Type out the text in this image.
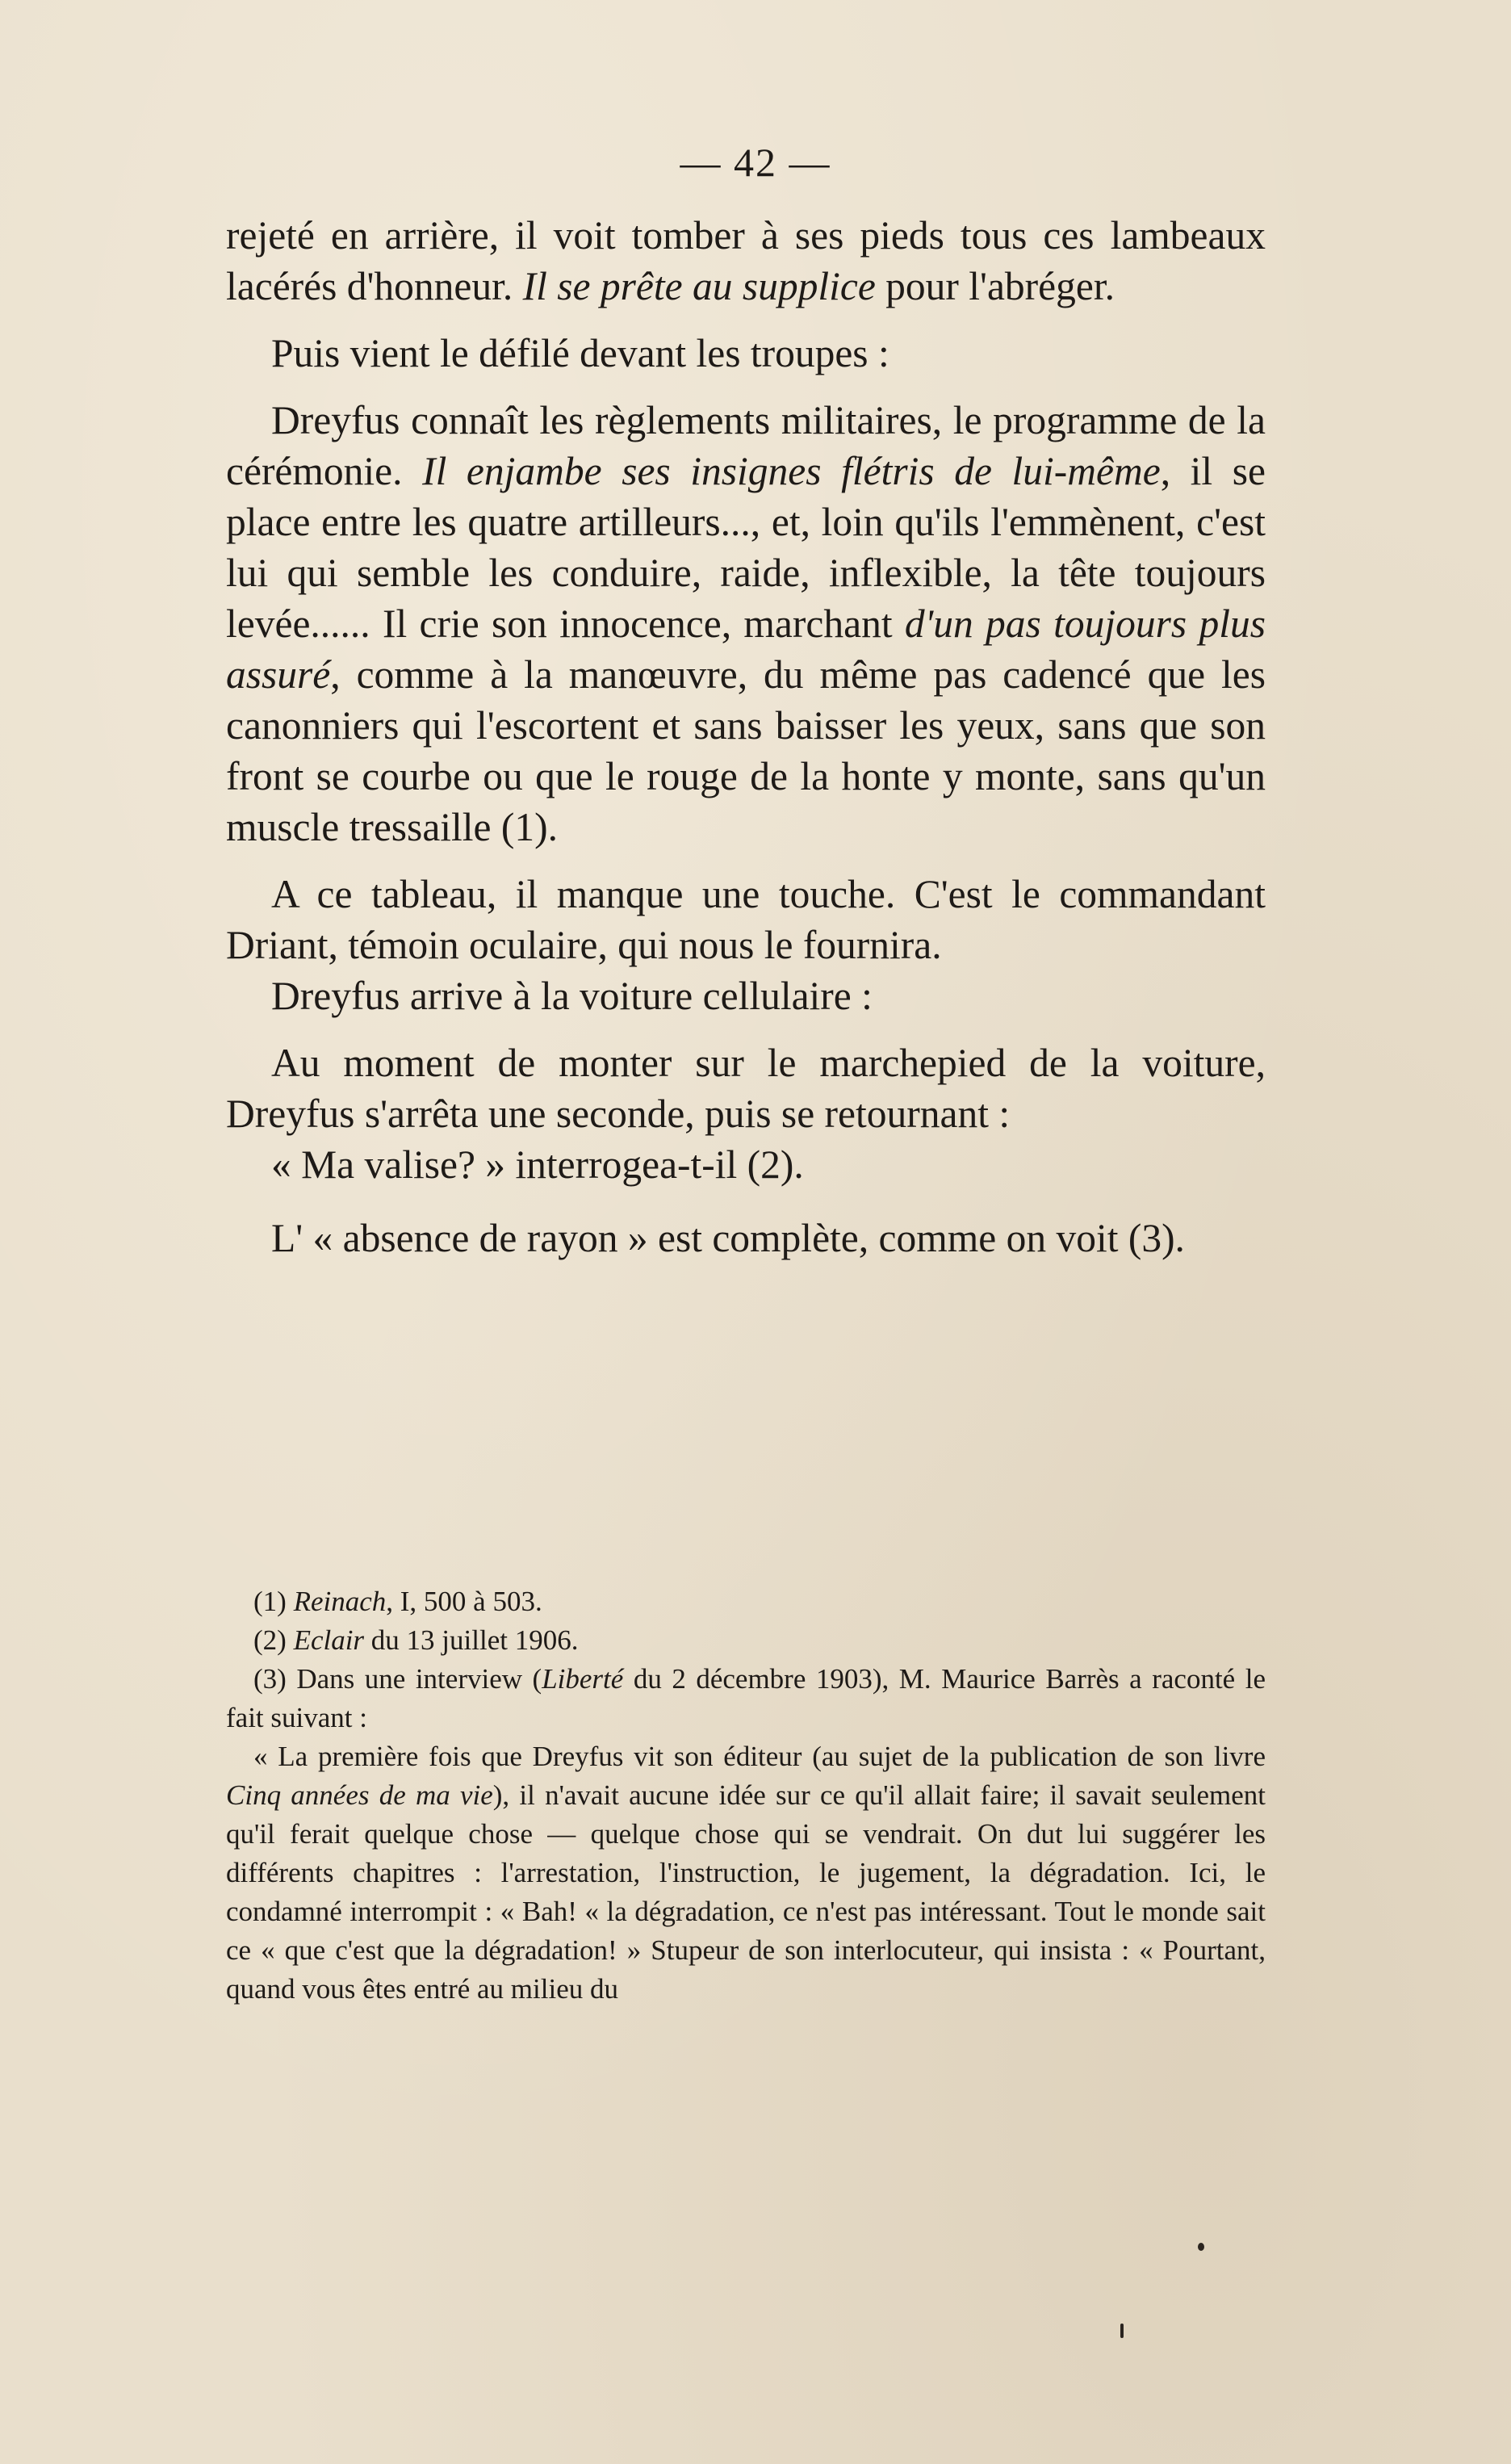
— 42 —

rejeté en arrière, il voit tomber à ses pieds tous ces lambeaux lacérés d'honneur. Il se prête au supplice pour l'abréger.

Puis vient le défilé devant les troupes :

Dreyfus connaît les règlements militaires, le programme de la cérémonie. Il enjambe ses insignes flétris de lui-même, il se place entre les quatre artilleurs..., et, loin qu'ils l'emmènent, c'est lui qui semble les conduire, raide, inflexible, la tête toujours levée...... Il crie son innocence, marchant d'un pas toujours plus assuré, comme à la manœuvre, du même pas cadencé que les canonniers qui l'escortent et sans baisser les yeux, sans que son front se courbe ou que le rouge de la honte y monte, sans qu'un muscle tressaille (1).

A ce tableau, il manque une touche. C'est le commandant Driant, témoin oculaire, qui nous le fournira.

Dreyfus arrive à la voiture cellulaire :

Au moment de monter sur le marchepied de la voiture, Dreyfus s'arrêta une seconde, puis se retournant :

« Ma valise? » interrogea-t-il (2).

L' « absence de rayon » est complète, comme on voit (3).

(1) Reinach, I, 500 à 503.

(2) Eclair du 13 juillet 1906.

(3) Dans une interview (Liberté du 2 décembre 1903), M. Maurice Barrès a raconté le fait suivant :

« La première fois que Dreyfus vit son éditeur (au sujet de la publication de son livre Cinq années de ma vie), il n'avait aucune idée sur ce qu'il allait faire; il savait seulement qu'il ferait quelque chose — quelque chose qui se vendrait. On dut lui suggérer les différents chapitres : l'arrestation, l'instruction, le jugement, la dégradation. Ici, le condamné interrompit : « Bah! « la dégradation, ce n'est pas intéressant. Tout le monde sait ce « que c'est que la dégradation! » Stupeur de son interlocuteur, qui insista : « Pourtant, quand vous êtes entré au milieu du
